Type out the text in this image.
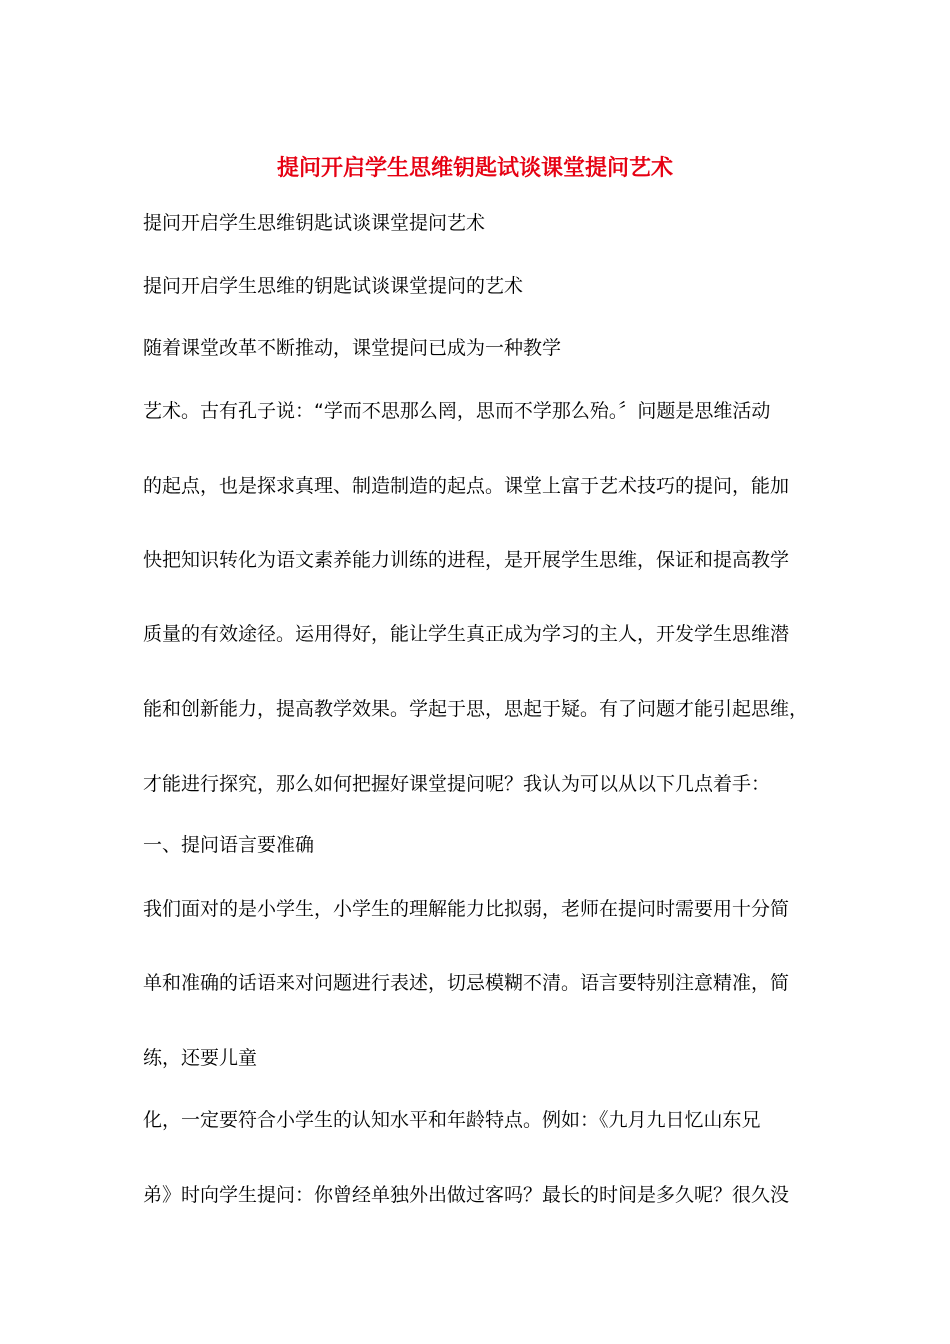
提问开启学生思维钥匙试谈课堂提问艺术
提问开启学生思维钥匙试谈课堂提问艺术
提问开启学生思维的钥匙试谈课堂提问的艺术
随着课堂改革不断推动，课堂提问已成为一种教学
艺术。古有孔子说：“学而不思那么罔，思而不学那么殆。〞问题是思维活动
的起点，也是探求真理、制造制造的起点。课堂上富于艺术技巧的提问，能加
快把知识转化为语文素养能力训练的进程，是开展学生思维，保证和提高教学
质量的有效途径。运用得好，能让学生真正成为学习的主人，开发学生思维潜
能和创新能力，提高教学效果。学起于思，思起于疑。有了问题才能引起思维，
才能进行探究，那么如何把握好课堂提问呢？我认为可以从以下几点着手：
一、提问语言要准确
我们面对的是小学生，小学生的理解能力比拟弱，老师在提问时需要用十分简
单和准确的话语来对问题进行表述，切忌模糊不清。语言要特别注意精准，简
练，还要儿童
化，一定要符合小学生的认知水平和年龄特点。例如：《九月九日忆山东兄
弟》时向学生提问：你曾经单独外出做过客吗？最长的时间是多久呢？很久没
